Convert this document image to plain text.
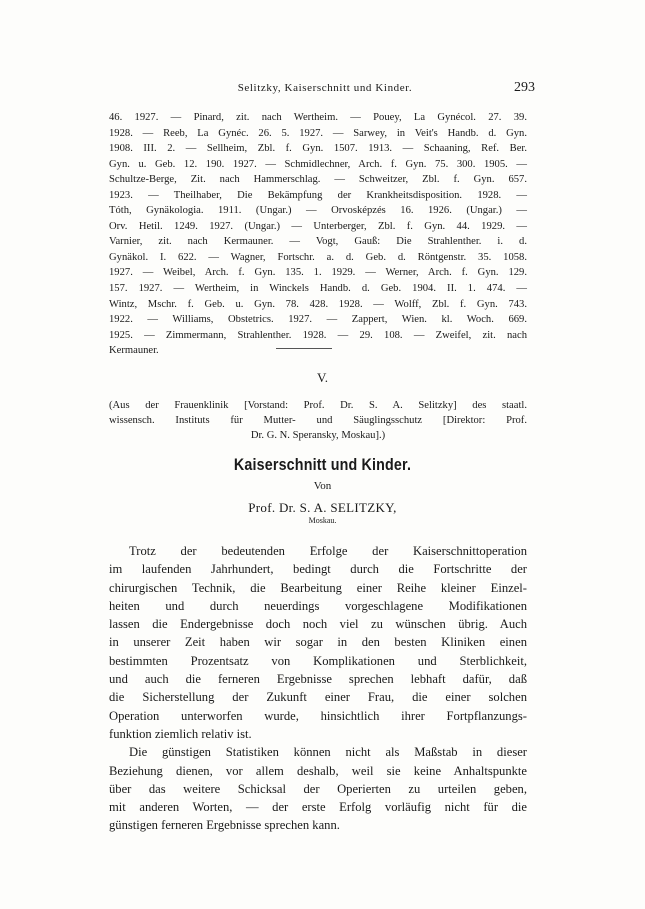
Selitzky, Kaiserschnitt und Kinder.	293
46. 1927. — Pinard, zit. nach Wertheim. — Pouey, La Gynécol. 27. 39.
1928. — Reeb, La Gynéc. 26. 5. 1927. — Sarwey, in Veit's Handb. d. Gyn.
1908. III. 2. — Sellheim, Zbl. f. Gyn. 1507. 1913. — Schaaning, Ref. Ber.
Gyn. u. Geb. 12. 190. 1927. — Schmidlechner, Arch. f. Gyn. 75. 300. 1905. —
Schultze-Berge, Zit. nach Hammerschlag. — Schweitzer, Zbl. f. Gyn. 657.
1923. — Theilhaber, Die Bekämpfung der Krankheitsdisposition. 1928. —
Tóth, Gynäkologia. 1911. (Ungar.) — Orvosképzés 16. 1926. (Ungar.) —
Orv. Hetil. 1249. 1927. (Ungar.) — Unterberger, Zbl. f. Gyn. 44. 1929. —
Varnier, zit. nach Kermauner. — Vogt, Gauß: Die Strahlenther. i. d.
Gynäkol. I. 622. — Wagner, Fortschr. a. d. Geb. d. Röntgenstr. 35. 1058.
1927. — Weibel, Arch. f. Gyn. 135. 1. 1929. — Werner, Arch. f. Gyn. 129.
157. 1927. — Wertheim, in Winckels Handb. d. Geb. 1904. II. 1. 474. —
Wintz, Mschr. f. Geb. u. Gyn. 78. 428. 1928. — Wolff, Zbl. f. Gyn. 743.
1922. — Williams, Obstetrics. 1927. — Zappert, Wien. kl. Woch. 669.
1925. — Zimmermann, Strahlenther. 1928. — 29. 108. — Zweifel, zit. nach
Kermauner.
V.
(Aus der Frauenklinik [Vorstand: Prof. Dr. S. A. Selitzky] des staatl.
wissensch. Instituts für Mutter- und Säuglingsschutz [Direktor: Prof.
Dr. G. N. Speransky, Moskau].)
Kaiserschnitt und Kinder.
Von
Prof. Dr. S. A. SELITZKY,
Moskau.
Trotz der bedeutenden Erfolge der Kaiserschnittoperation
im laufenden Jahrhundert, bedingt durch die Fortschritte der
chirurgischen Technik, die Bearbeitung einer Reihe kleiner Einzel-
heiten und durch neuerdings vorgeschlagene Modifikationen
lassen die Endergebnisse doch noch viel zu wünschen übrig. Auch
in unserer Zeit haben wir sogar in den besten Kliniken einen
bestimmten Prozentsatz von Komplikationen und Sterblichkeit,
und auch die ferneren Ergebnisse sprechen lebhaft dafür, daß
die Sicherstellung der Zukunft einer Frau, die einer solchen
Operation unterworfen wurde, hinsichtlich ihrer Fortpflanzungs-
funktion ziemlich relativ ist.
Die günstigen Statistiken können nicht als Maßstab in dieser
Beziehung dienen, vor allem deshalb, weil sie keine Anhaltspunkte
über das weitere Schicksal der Operierten zu urteilen geben,
mit anderen Worten, — der erste Erfolg vorläufig nicht für die
günstigen ferneren Ergebnisse sprechen kann.
